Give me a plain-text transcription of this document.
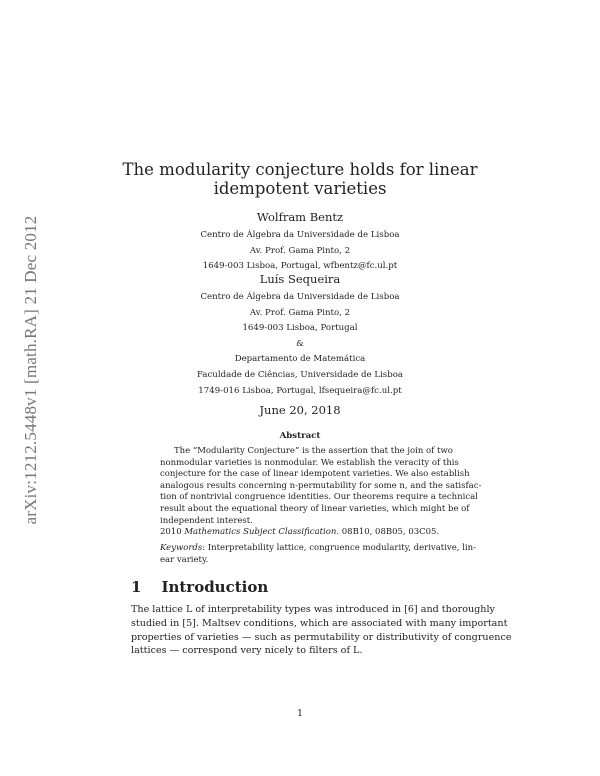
arXiv:1212.5448v1 [math.RA] 21 Dec 2012
The modularity conjecture holds for linear
idempotent varieties
Wolfram Bentz
Centro de Álgebra da Universidade de Lisboa
Av. Prof. Gama Pinto, 2
1649-003 Lisboa, Portugal, wfbentz@fc.ul.pt
Luís Sequeira
Centro de Álgebra da Universidade de Lisboa
Av. Prof. Gama Pinto, 2
1649-003 Lisboa, Portugal
&
Departamento de Matemática
Faculdade de Ciências, Universidade de Lisboa
1749-016 Lisboa, Portugal, lfsequeira@fc.ul.pt
June 20, 2018
Abstract
The “Modularity Conjecture” is the assertion that the join of two
nonmodular varieties is nonmodular. We establish the veracity of this
conjecture for the case of linear idempotent varieties. We also establish
analogous results concerning n-permutability for some n, and the satisfac-
tion of nontrivial congruence identities. Our theorems require a technical
result about the equational theory of linear varieties, which might be of
independent interest.
2010 Mathematics Subject Classification. 08B10, 08B05, 03C05.
Keywords: Interpretability lattice, congruence modularity, derivative, lin-
ear variety.
1 Introduction
The lattice L of interpretability types was introduced in [6] and thoroughly
studied in [5]. Maltsev conditions, which are associated with many important
properties of varieties — such as permutability or distributivity of congruence
lattices — correspond very nicely to filters of L.
1
